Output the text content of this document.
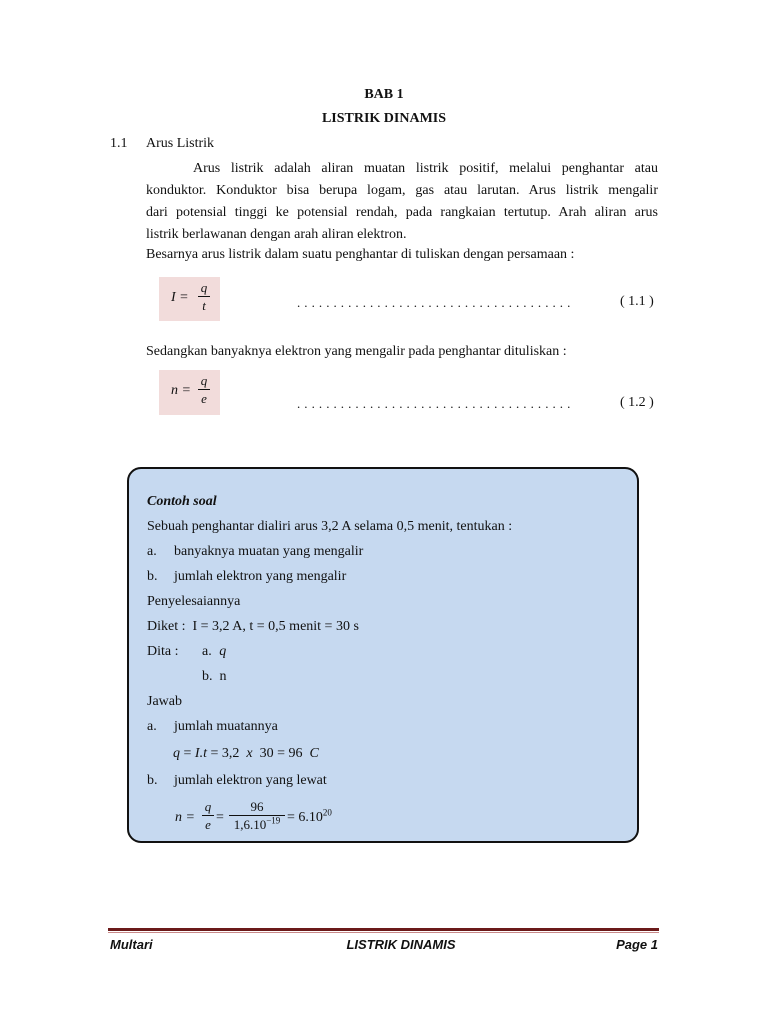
BAB 1
LISTRIK DINAMIS
1.1 Arus Listrik
Arus listrik adalah aliran muatan listrik positif, melalui penghantar atau
konduktor. Konduktor bisa berupa logam, gas atau larutan. Arus listrik mengalir
dari potensial tinggi ke potensial rendah, pada rangkaian tertutup. Arah aliran arus
listrik berlawanan dengan arah aliran elektron.
Besarnya arus listrik dalam suatu penghantar di tuliskan dengan persamaan :
I =
q
t	. . . . . . . . . . . . . . . . . . . . . . . . . . . . . . . . . . . . . .	( 1.1 )
Sedangkan banyaknya elektron yang mengalir pada penghantar dituliskan :
n =
q
e	. . . . . . . . . . . . . . . . . . . . . . . . . . . . . . . . . . . . . .	( 1.2 )
Contoh soal
Sebuah penghantar dialiri arus 3,2 A selama 0,5 menit, tentukan :
a. banyaknya muatan yang mengalir
b. jumlah elektron yang mengalir
Penyelesaiannya
Diket :  I = 3,2 A, t = 0,5 menit = 30 s
Dita : a. q
b.  n
Jawab
a. jumlah muatannya
q = I.t = 3,2  x  30 = 96  C
b. jumlah elektron yang lewat
n =
q
e =
96
$1,6.10^{-19} = 6.10^{20}$
Multari	LISTRIK DINAMIS	Page 1
